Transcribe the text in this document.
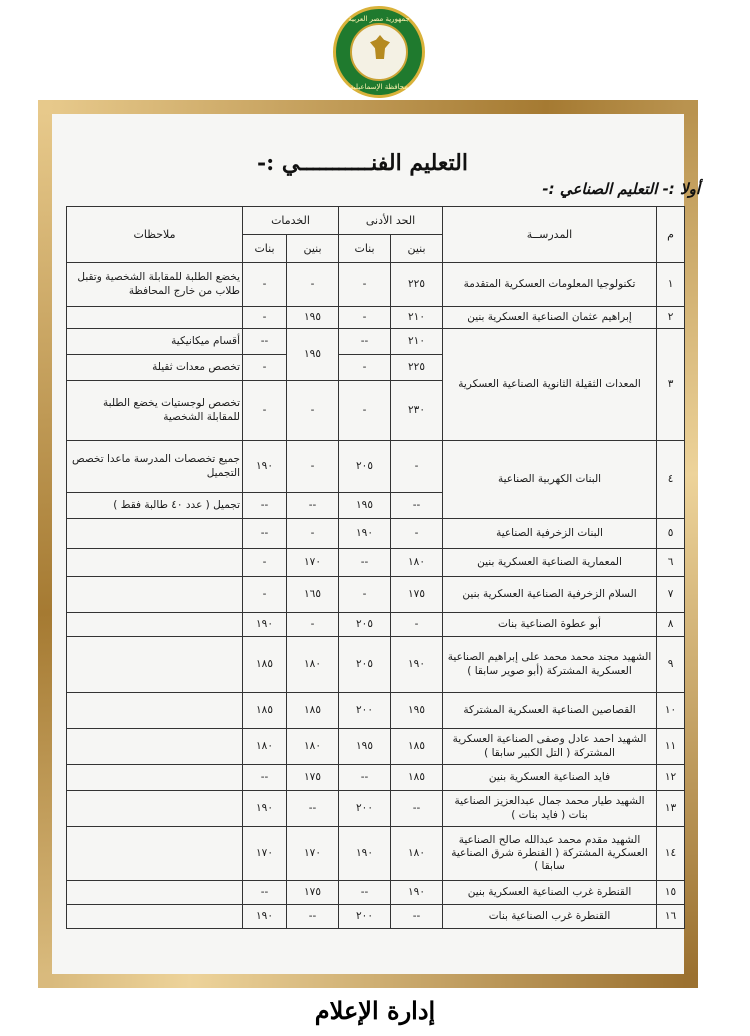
جمهورية مصر العربية
محافظة الإسماعيلية
التعليم الفنـــــــــــي :-
أولا :- التعليم الصناعي :-
م	المدرســة	الحد الأدنى		الخدمات		ملاحظات
		بنين	بنات	بنين	بنات	
١	تكنولوجيا المعلومات العسكرية المتقدمة	٢٢٥	-	-	-	يخضع الطلبة للمقابلة الشخصية وتقبل طلاب من خارج المحافظة
٢	إبراهيم عثمان الصناعية العسكرية بنين	٢١٠	-	١٩٥	-	
٣	المعدات الثقيلة الثانوية الصناعية العسكرية	٢١٠	--	١٩٥	--	أقسام ميكانيكية
		٢٢٥	-		-	تخصص معدات ثقيلة
		٢٣٠	-	-	-	تخصص لوجستيات يخضع الطلبة للمقابلة الشخصية
٤	البنات الكهربية الصناعية	-	٢٠٥	-	١٩٠	جميع تخصصات المدرسة ماعدا تخصص التجميل
		--	١٩٥	--	--	تجميل ( عدد ٤٠ طالبة فقط )
٥	البنات الزخرفية الصناعية	-	١٩٠	-	--	
٦	المعمارية الصناعية العسكرية بنين	١٨٠	--	١٧٠	-	
٧	السلام الزخرفية الصناعية العسكرية بنين	١٧٥	-	١٦٥	-	
٨	أبو عطوة الصناعية بنات	-	٢٠٥	-	١٩٠	
٩	الشهيد مجند محمد محمد على إبراهيم الصناعية العسكرية المشتركة (أبو صوير سابقا )	١٩٠	٢٠٥	١٨٠	١٨٥	
١٠	القصاصين الصناعية العسكرية المشتركة	١٩٥	٢٠٠	١٨٥	١٨٥	
١١	الشهيد احمد عادل وصفى الصناعية العسكرية المشتركة ( التل الكبير سابقا )	١٨٥	١٩٥	١٨٠	١٨٠	
١٢	فايد الصناعية العسكرية بنين	١٨٥	--	١٧٥	--	
١٣	الشهيد طيار محمد جمال عبدالعزيز الصناعية بنات ( فايد بنات )	--	٢٠٠	--	١٩٠	
١٤	الشهيد مقدم محمد عبدالله صالح الصناعية العسكرية المشتركة ( القنطرة شرق الصناعية سابقا )	١٨٠	١٩٠	١٧٠	١٧٠	
١٥	القنطرة غرب الصناعية العسكرية بنين	١٩٠	--	١٧٥	--	
١٦	القنطرة غرب الصناعية بنات	--	٢٠٠	--	١٩٠	
إدارة الإعلام
